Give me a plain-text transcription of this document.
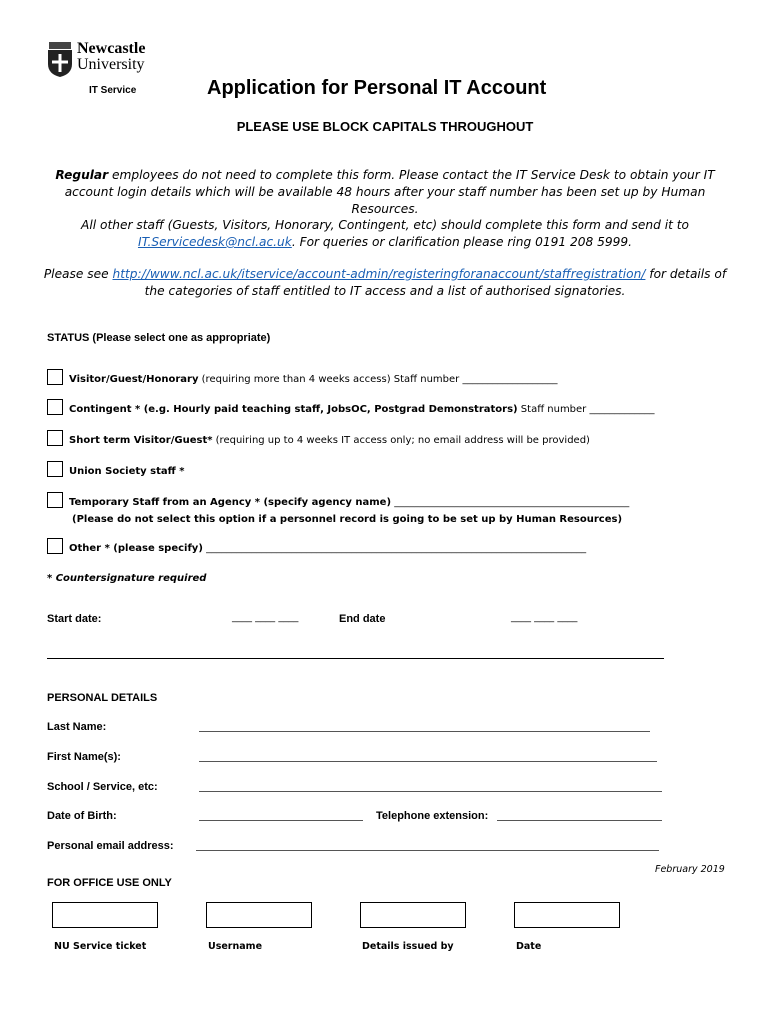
Newcastle
University
IT Service	Application for Personal IT Account
PLEASE USE BLOCK CAPITALS THROUGHOUT
Regular employees do not need to complete this form. Please contact the IT Service Desk to obtain your IT account login details which will be available 48 hours after your staff number has been set up by Human Resources.
All other staff (Guests, Visitors, Honorary, Contingent, etc) should complete this form and send it to IT.Servicedesk@ncl.ac.uk. For queries or clarification please ring 0191 208 5999.
Please see http://www.ncl.ac.uk/itservice/account-admin/registeringforanaccount/staffregistration/ for details of the categories of staff entitled to IT access and a list of authorised signatories.
STATUS (Please select one as appropriate)
Visitor/Guest/Honorary (requiring more than 4 weeks access) Staff number ___________________
Contingent * (e.g. Hourly paid teaching staff, JobsOC, Postgrad Demonstrators) Staff number _____________
Short term Visitor/Guest* (requiring up to 4 weeks IT access only; no email address will be provided)
Union Society staff *
Temporary Staff from an Agency * (specify agency name) _______________________________________________
(Please do not select this option if a personnel record is going to be set up by Human Resources)
Other * (please specify) ____________________________________________________________________________
* Countersignature required
Start date:	____ ____ ____	End date	____ ____ ____
PERSONAL DETAILS
Last Name:
First Name(s):
School / Service, etc:
Date of Birth:	Telephone extension:
Personal email address:
February 2019
FOR OFFICE USE ONLY
NU Service ticket	Username	Details issued by	Date
